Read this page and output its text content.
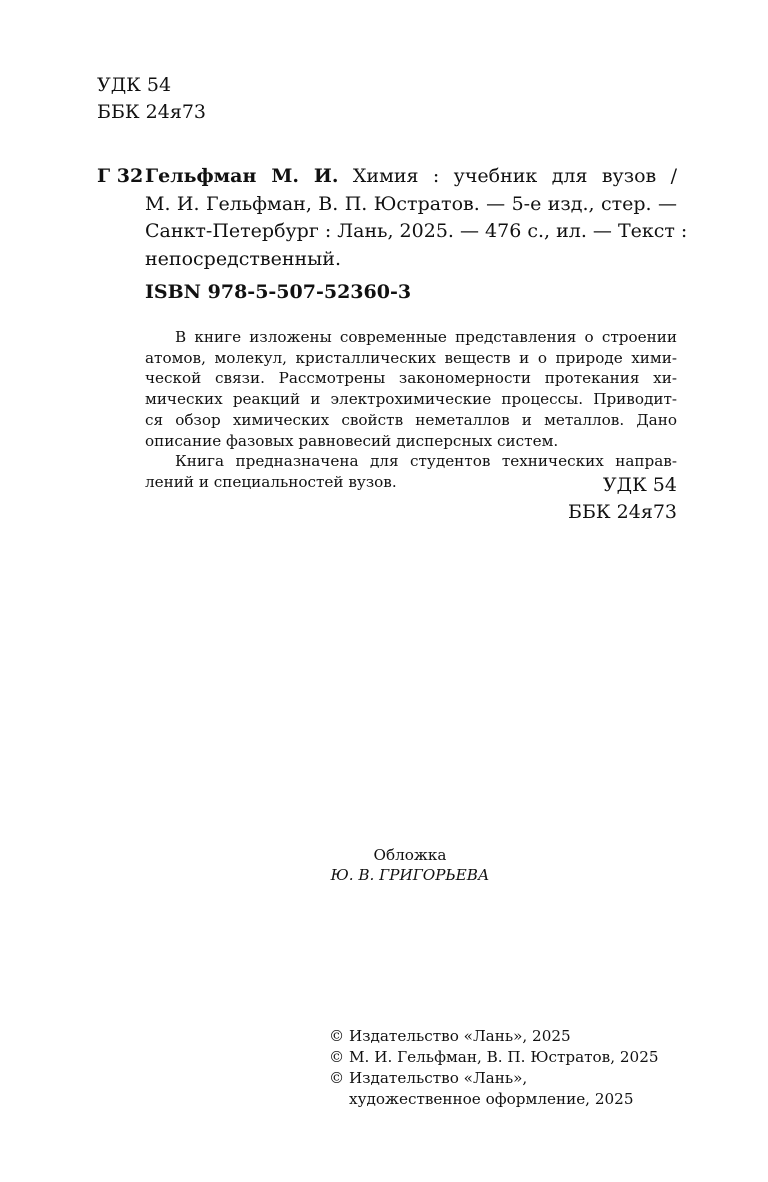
УДК 54
ББК 24я73
Г 32 Гельфман М. И. Химия : учебник для вузов /
М. И. Гельфман, В. П. Юстратов. — 5-е изд., стер. —
Санкт-Петербург : Лань, 2025. — 476 с., ил. — Текст :
непосредственный.
ISBN 978-5-507-52360-3
В книге изложены современные представления о строении
атомов, молекул, кристаллических веществ и о природе хими-
ческой связи. Рассмотрены закономерности протекания хи-
мических реакций и электрохимические процессы. Приводит-
ся обзор химических свойств неметаллов и металлов. Дано
описание фазовых равновесий дисперсных систем.
Книга предназначена для студентов технических направ-
лений и специальностей вузов.	УДК 54
ББК 24я73
Обложка
Ю. В. ГРИГОРЬЕВА
© Издательство «Лань», 2025
© М. И. Гельфман, В. П. Юстратов, 2025
© Издательство «Лань»,
художественное оформление, 2025
